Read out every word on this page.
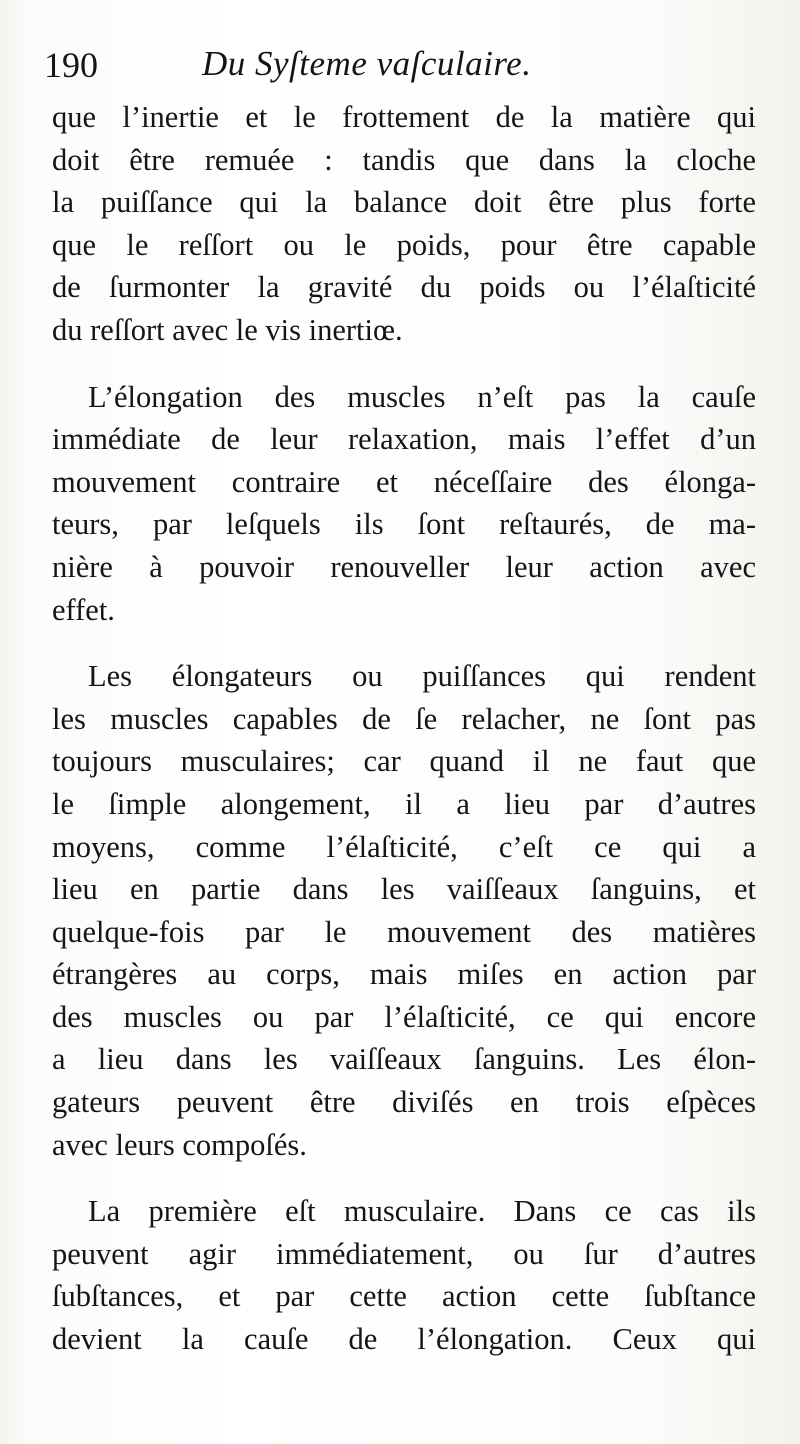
190	Du Syſteme vaſculaire.
que l’inertie et le frottement de la matière qui
doit être remuée : tandis que dans la cloche
la puiſſance qui la balance doit être plus forte
que le reſſort ou le poids, pour être capable
de ſurmonter la gravité du poids ou l’élaſticité
du reſſort avec le vis inertiœ.
L’élongation des muscles n’eſt pas la cauſe
immédiate de leur relaxation, mais l’effet d’un
mouvement contraire et néceſſaire des élonga-
teurs, par leſquels ils ſont reſtaurés, de ma-
nière à pouvoir renouveller leur action avec
effet.
Les élongateurs ou puiſſances qui rendent
les muscles capables de ſe relacher, ne ſont pas
toujours musculaires; car quand il ne faut que
le ſimple alongement, il a lieu par d’autres
moyens, comme l’élaſticité, c’eſt ce qui a
lieu en partie dans les vaiſſeaux ſanguins, et
quelque-fois par le mouvement des matières
étrangères au corps, mais miſes en action par
des muscles ou par l’élaſticité, ce qui encore
a lieu dans les vaiſſeaux ſanguins. Les élon-
gateurs peuvent être diviſés en trois eſpèces
avec leurs compoſés.
La première eſt musculaire. Dans ce cas ils
peuvent agir immédiatement, ou ſur d’autres
ſubſtances, et par cette action cette ſubſtance
devient la cauſe de l’élongation. Ceux qui
